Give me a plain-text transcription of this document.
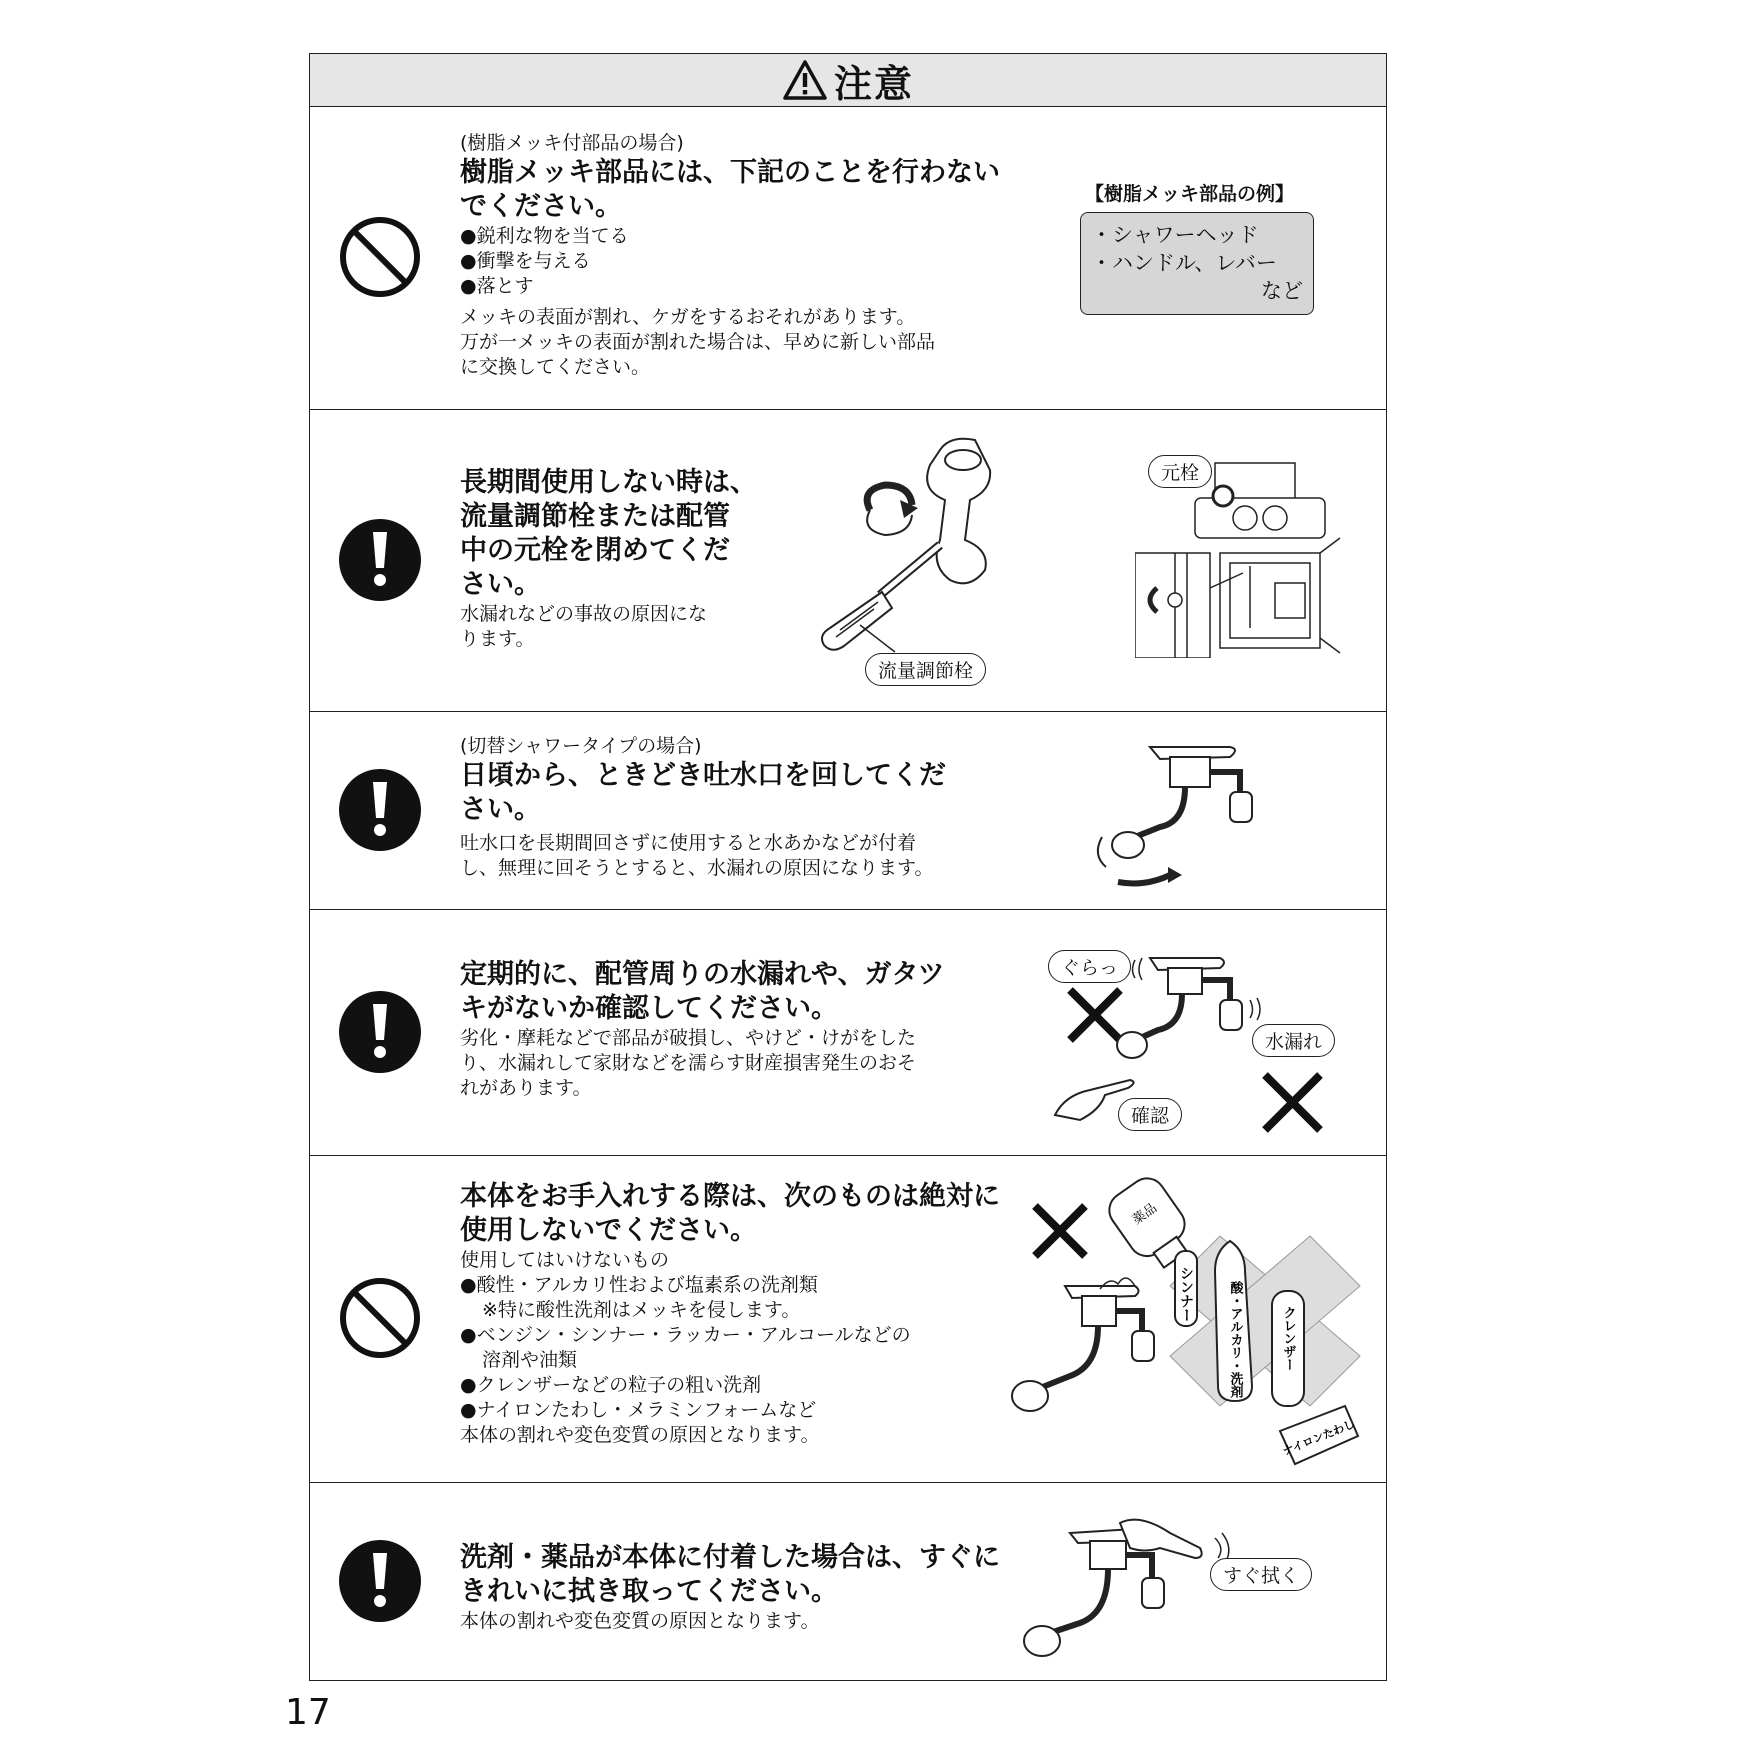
注意
(樹脂メッキ付部品の場合)
樹脂メッキ部品には、下記のことを行わない
でください。
●鋭利な物を当てる
●衝撃を与える
●落とす
メッキの表面が割れ、ケガをするおそれがあります。
万が一メッキの表面が割れた場合は、早めに新しい部品
に交換してください。
【樹脂メッキ部品の例】
・シャワーヘッド
・ハンドル、レバー
など
長期間使用しない時は、
流量調節栓または配管
中の元栓を閉めてくだ
さい。
水漏れなどの事故の原因にな
ります。
流量調節栓
元栓
(切替シャワータイプの場合)
日頃から、ときどき吐水口を回してくだ
さい。
吐水口を長期間回さずに使用すると水あかなどが付着
し、無理に回そうとすると、水漏れの原因になります。
定期的に、配管周りの水漏れや、ガタツ
キがないか確認してください。
劣化・摩耗などで部品が破損し、やけど・けがをした
り、水漏れして家財などを濡らす財産損害発生のおそ
れがあります。
ぐらっ
水漏れ
確認
本体をお手入れする際は、次のものは絶対に
使用しないでください。
使用してはいけないもの
●酸性・アルカリ性および塩素系の洗剤類
※特に酸性洗剤はメッキを侵します。
●ベンジン・シンナー・ラッカー・アルコールなどの
溶剤や油類
●クレンザーなどの粒子の粗い洗剤
●ナイロンたわし・メラミンフォームなど
本体の割れや変色変質の原因となります。
薬品
シンナー	酸・アルカリ・洗剤	クレンザー
ナイロンたわし
洗剤・薬品が本体に付着した場合は、すぐに
きれいに拭き取ってください。
本体の割れや変色変質の原因となります。
すぐ拭く
17
